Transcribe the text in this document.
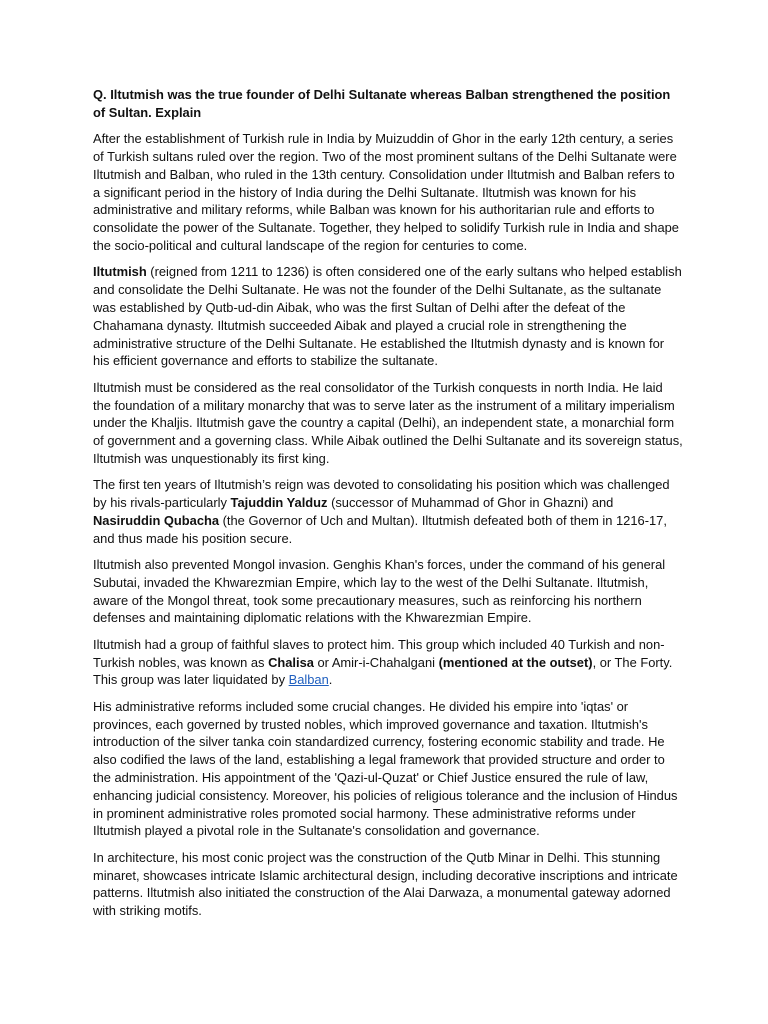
Q. Iltutmish was the true founder of Delhi Sultanate whereas Balban strengthened the position of Sultan. Explain

After the establishment of Turkish rule in India by Muizuddin of Ghor in the early 12th century, a series of Turkish sultans ruled over the region. Two of the most prominent sultans of the Delhi Sultanate were Iltutmish and Balban, who ruled in the 13th century. Consolidation under Iltutmish and Balban refers to a significant period in the history of India during the Delhi Sultanate. Iltutmish was known for his administrative and military reforms, while Balban was known for his authoritarian rule and efforts to consolidate the power of the Sultanate. Together, they helped to solidify Turkish rule in India and shape the socio-political and cultural landscape of the region for centuries to come.

Iltutmish (reigned from 1211 to 1236) is often considered one of the early sultans who helped establish and consolidate the Delhi Sultanate. He was not the founder of the Delhi Sultanate, as the sultanate was established by Qutb-ud-din Aibak, who was the first Sultan of Delhi after the defeat of the Chahamana dynasty. Iltutmish succeeded Aibak and played a crucial role in strengthening the administrative structure of the Delhi Sultanate. He established the Iltutmish dynasty and is known for his efficient governance and efforts to stabilize the sultanate.

Iltutmish must be considered as the real consolidator of the Turkish conquests in north India. He laid the foundation of a military monarchy that was to serve later as the instrument of a military imperialism under the Khaljis. Iltutmish gave the country a capital (Delhi), an independent state, a monarchial form of government and a governing class. While Aibak outlined the Delhi Sultanate and its sovereign status, Iltutmish was unquestionably its first king.

The first ten years of Iltutmish’s reign was devoted to consolidating his position which was challenged by his rivals-particularly Tajuddin Yalduz (successor of Muhammad of Ghor in Ghazni) and Nasiruddin Qubacha (the Governor of Uch and Multan). Iltutmish defeated both of them in 1216-17, and thus made his position secure.

Iltutmish also prevented Mongol invasion. Genghis Khan's forces, under the command of his general Subutai, invaded the Khwarezmian Empire, which lay to the west of the Delhi Sultanate. Iltutmish, aware of the Mongol threat, took some precautionary measures, such as reinforcing his northern defenses and maintaining diplomatic relations with the Khwarezmian Empire.

Iltutmish had a group of faithful slaves to protect him. This group which included 40 Turkish and non-Turkish nobles, was known as Chalisa or Amir-i-Chahalgani (mentioned at the outset), or The Forty. This group was later liquidated by Balban.

His administrative reforms included some crucial changes. He divided his empire into 'iqtas' or provinces, each governed by trusted nobles, which improved governance and taxation. Iltutmish's introduction of the silver tanka coin standardized currency, fostering economic stability and trade. He also codified the laws of the land, establishing a legal framework that provided structure and order to the administration. His appointment of the 'Qazi-ul-Quzat' or Chief Justice ensured the rule of law, enhancing judicial consistency. Moreover, his policies of religious tolerance and the inclusion of Hindus in prominent administrative roles promoted social harmony. These administrative reforms under Iltutmish played a pivotal role in the Sultanate's consolidation and governance.

In architecture, his most conic project was the construction of the Qutb Minar in Delhi. This stunning minaret, showcases intricate Islamic architectural design, including decorative inscriptions and intricate patterns. Iltutmish also initiated the construction of the Alai Darwaza, a monumental gateway adorned with striking motifs.
